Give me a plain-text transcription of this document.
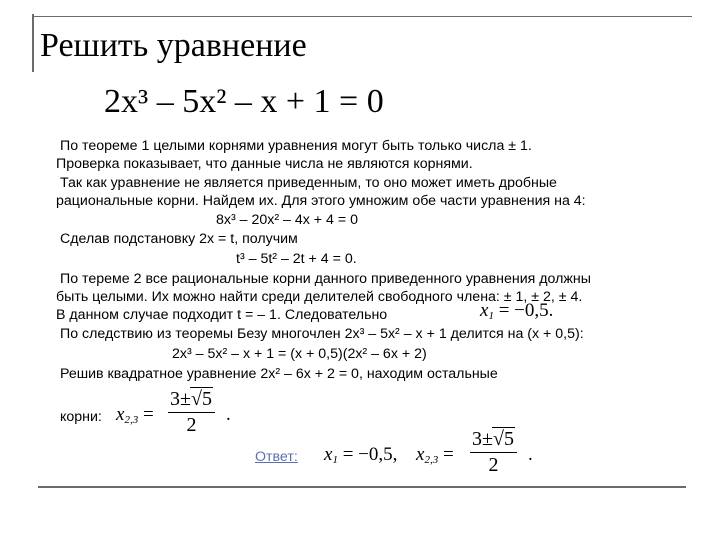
Решить уравнение
2x³ – 5x² – x + 1 = 0
По теореме 1 целыми корнями уравнения могут быть только числа ± 1.
Проверка показывает, что данные числа не являются корнями.
Так как уравнение не является приведенным, то оно может иметь дробные
рациональные корни. Найдем их. Для этого умножим обе части уравнения на 4:
8x³ – 20x² – 4x + 4 = 0
Сделав подстановку 2x = t, получим
t³ – 5t² – 2t + 4 = 0.
По тереме 2 все рациональные корни данного приведенного уравнения должны
быть целыми. Их можно найти среди делителей свободного члена: ± 1, ± 2, ± 4.
В данном случае подходит t = – 1. Следовательно	$x_1 = -0,5$.
По следствию из теоремы Безу многочлен 2x³ – 5x² – x + 1 делится на (x + 0,5):
2x³ – 5x² – x + 1 = (x + 0,5)(2x² – 6x + 2)
Решив квадратное уравнение 2x² – 6x + 2 = 0, находим остальные
корни: $x_{2,3} = \frac{3\pm√5}{2}$ .
Ответ: $x_1 = -0,5$, $x_{2,3} = \frac{3\pm√5}{2}$ .
